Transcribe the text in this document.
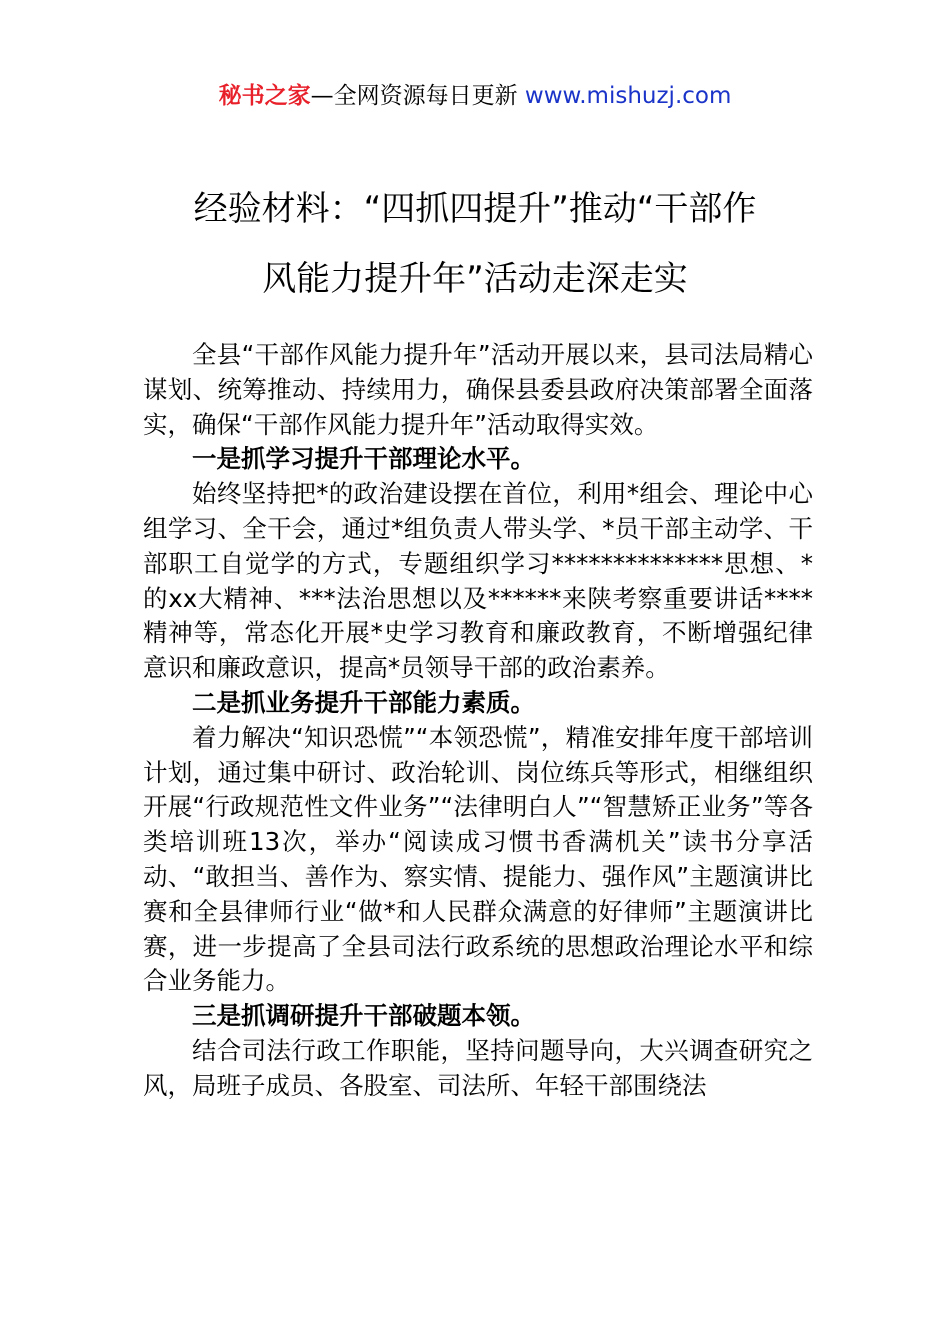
秘书之家—全网资源每日更新 www.mishuzj.com
经验材料：“四抓四提升”推动“干部作
风能力提升年”活动走深走实

全县“干部作风能力提升年”活动开展以来，县司法局精心谋划、统筹推动、持续用力，确保县委县政府决策部署全面落实，确保“干部作风能力提升年”活动取得实效。

一是抓学习提升干部理论水平。

始终坚持把*的政治建设摆在首位，利用*组会、理论中心组学习、全干会，通过*组负责人带头学、*员干部主动学、干部职工自觉学的方式，专题组织学习**************思想、*的xx大精神、***法治思想以及******来陕考察重要讲话****精神等，常态化开展*史学习教育和廉政教育，不断增强纪律意识和廉政意识，提高*员领导干部的政治素养。

二是抓业务提升干部能力素质。

着力解决“知识恐慌”“本领恐慌”，精准安排年度干部培训计划，通过集中研讨、政治轮训、岗位练兵等形式，相继组织开展“行政规范性文件业务”“法律明白人”“智慧矫正业务”等各类培训班13次，举办“阅读成习惯书香满机关”读书分享活动、“敢担当、善作为、察实情、提能力、强作风”主题演讲比赛和全县律师行业“做*和人民群众满意的好律师”主题演讲比赛，进一步提高了全县司法行政系统的思想政治理论水平和综合业务能力。

三是抓调研提升干部破题本领。

结合司法行政工作职能，坚持问题导向，大兴调查研究之风，局班子成员、各股室、司法所、年轻干部围绕法
